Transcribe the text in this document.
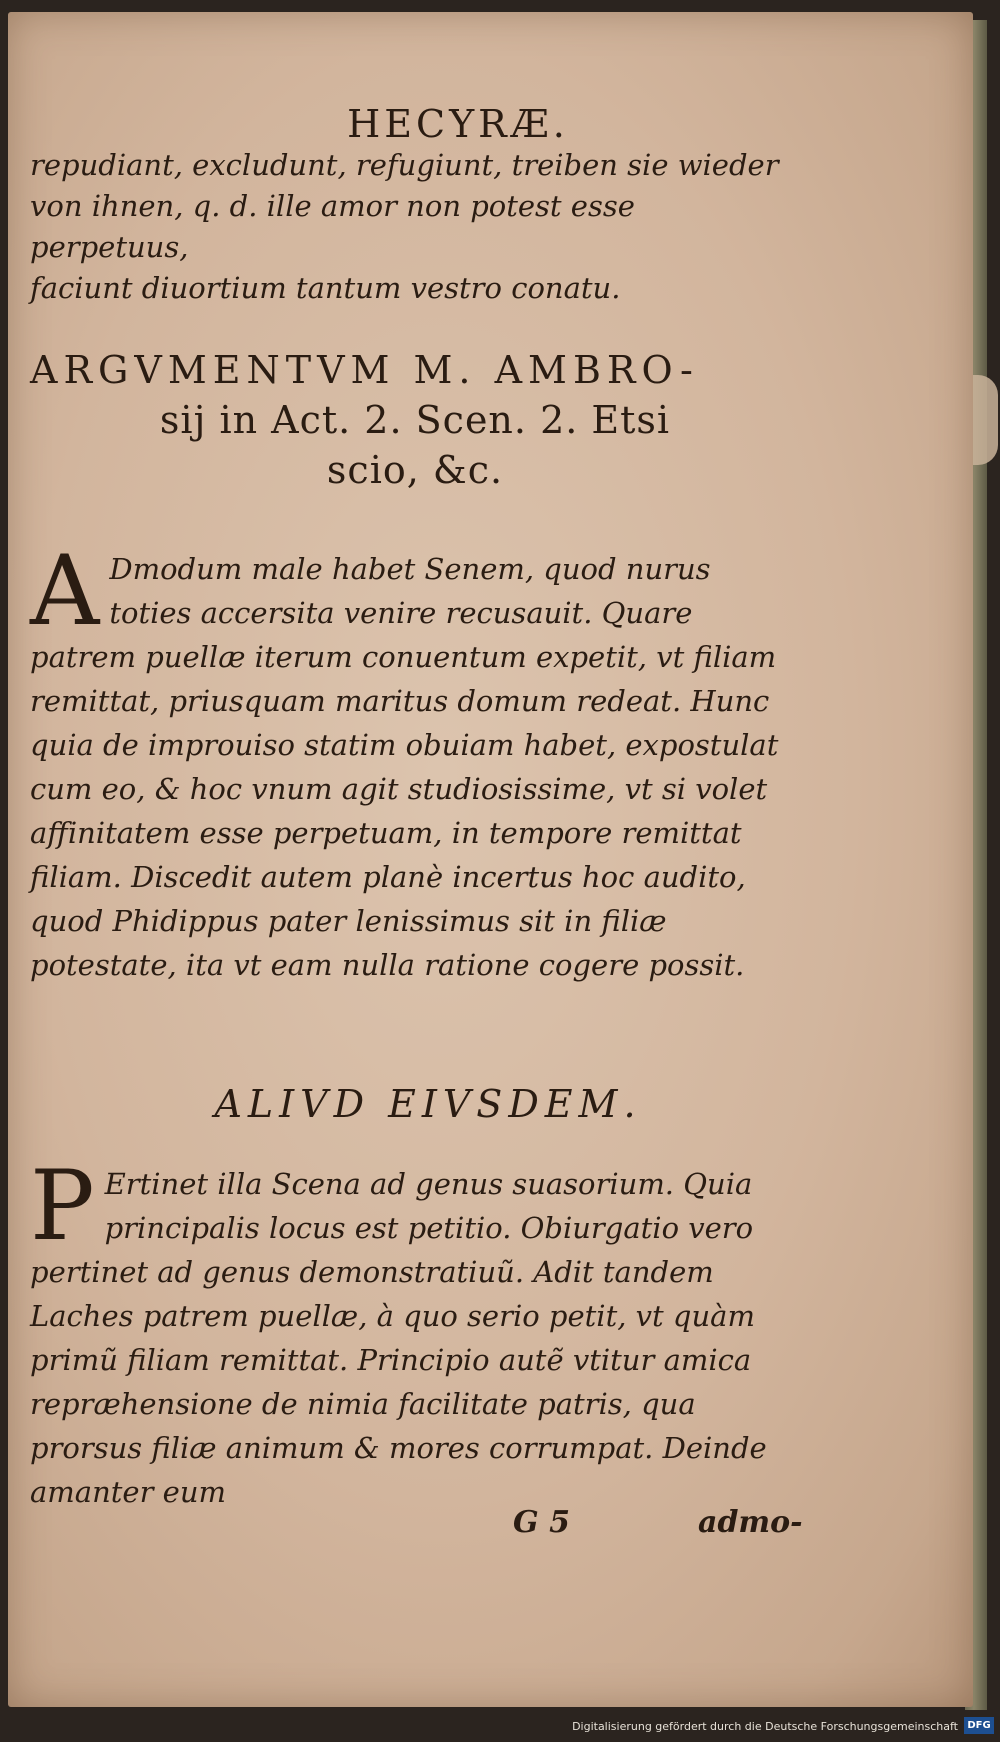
HECYRÆ.
repudiant, excludunt, refugiunt, treiben sie wieder
von ihnen, q. d. ille amor non potest esse perpetuus,
faciunt diuortium tantum vestro conatu.
ARGVMENTVM M. AMBRO-
sij in Act. 2. Scen. 2. Etsi
scio, &c.
A Dmodum male habet Senem, quod nurus toties accersita venire recusauit. Quare patrem puellæ iterum conuentum expetit, vt filiam remittat, priusquam maritus domum redeat. Hunc quia de improuiso statim obuiam habet, expostulat cum eo, & hoc vnum agit studiosissime, vt si volet affinitatem esse perpetuam, in tempore remittat filiam. Discedit autem planè incertus hoc audito, quod Phidippus pater lenissimus sit in filiæ potestate, ita vt eam nulla ratione cogere possit.
ALIVD EIVSDEM.
P Ertinet illa Scena ad genus suasorium. Quia principalis locus est petitio. Obiurgatio vero pertinet ad genus demonstratiuũ. Adit tandem Laches patrem puellæ, à quo serio petit, vt quàm primũ filiam remittat. Principio autẽ vtitur amica repræhensione de nimia facilitate patris, qua prorsus filiæ animum & mores corrumpat. Deinde amanter eum
G 5	admo-
Digitalisierung gefördert durch die Deutsche Forschungsgemeinschaft DFG
